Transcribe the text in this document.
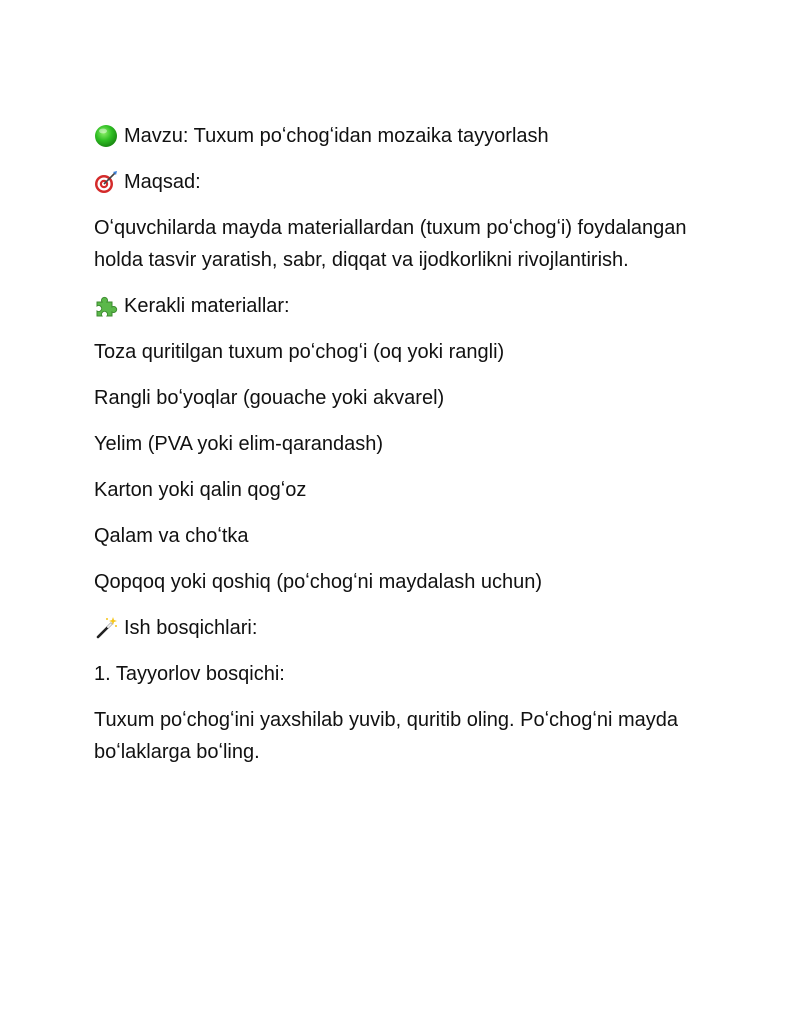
Mavzu: Tuxum poʻchogʻidan mozaika tayyorlash

Maqsad:

Oʻquvchilarda mayda materiallardan (tuxum poʻchogʻi) foydalangan holda tasvir yaratish, sabr, diqqat va ijodkorlikni rivojlantirish.

Kerakli materiallar:

Toza quritilgan tuxum poʻchogʻi (oq yoki rangli)

Rangli boʻyoqlar (gouache yoki akvarel)

Yelim (PVA yoki elim-qarandash)

Karton yoki qalin qogʻoz

Qalam va choʻtka

Qopqoq yoki qoshiq (poʻchogʻni maydalash uchun)

Ish bosqichlari:

1. Tayyorlov bosqichi:

Tuxum poʻchogʻini yaxshilab yuvib, quritib oling. Poʻchogʻni mayda boʻlaklarga boʻling.
